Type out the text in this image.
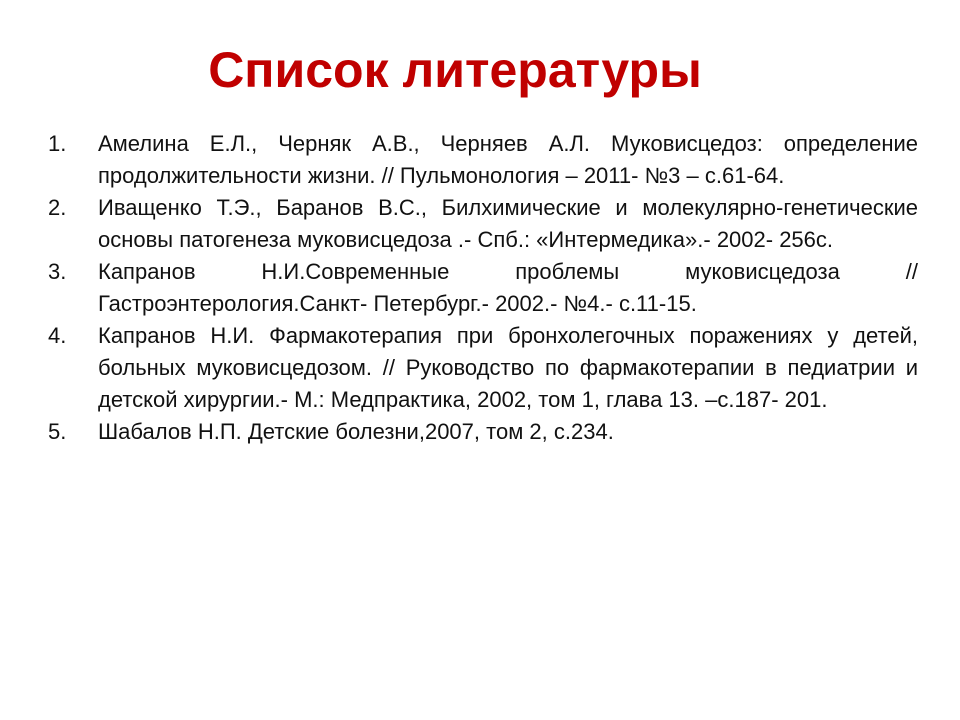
Список литературы
1.	Амелина Е.Л., Черняк А.В., Черняев А.Л. Муковисцедоз: определение продолжительности жизни. // Пульмонология – 2011- №3 – с.61-64.
2.	Иващенко Т.Э., Баранов В.С., Билхимические и молекулярно-генетические основы патогенеза муковисцедоза .- Спб.: «Интермедика».- 2002- 256с.
3.	Капранов Н.И.Современные проблемы муковисцедоза // Гастроэнтерология.Санкт- Петербург.- 2002.- №4.- с.11-15.
4.	Капранов Н.И. Фармакотерапия при бронхолегочных поражениях у детей, больных муковисцедозом. // Руководство по фармакотерапии в педиатрии и детской хирургии.- М.: Медпрактика, 2002, том 1, глава 13. –с.187- 201.
5.	Шабалов Н.П. Детские болезни,2007, том 2, с.234.
